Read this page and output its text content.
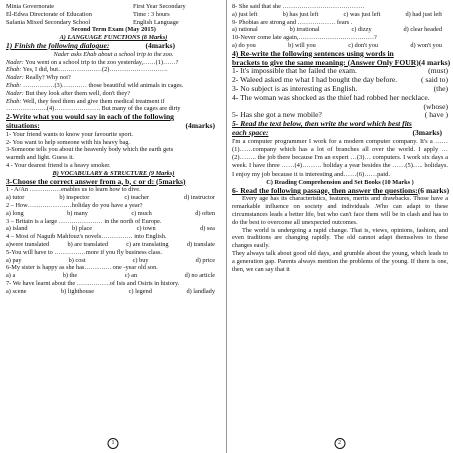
Minia Governorate	First Year Secondary
El-Edwa Directorate of Education	Time : 3 hours
Safania Mixed Secondary School	English Language
Second Term Exam (May 2015)
A) LANGUAGE FUNCTIONS (8 Marks)
1) Finish the following dialogue:	(4marks)
Nader asks Ehab about a school trip to the zoo.
Nader: You went on a school trip to the zoo yesterday,……(1)……?
Ehab: Yes, I did, but…………………(2)……………………….
Nader: Really? Why not?
Ehab: ……………(3)………… those beautiful wild animals in cages.
Nader: But they look after them well, don't they?
Ehab: Well, they feed them and give them medical treatment if
………………..(4)…………………. But many of the cages are dirty
2-Write what you would say in each of the following
situations:	(4marks)
1- Your friend wants to know your favourite sport.
2- You want to help someone with his heavy bag.
3-Someone tells you about the heavenly body which the earth gets
warmth and light. Guess it.
4 - Your dearest friend is a heavy smoker.
B) VOCABULARY & STRUCTURE (9 Marks)
3-Choose the correct answer from a, b, c or d: (5marks)
1 - A/An ……………enables us to learn how to dive.
a) tutor	b) inspector	c) teacher	d) instructor
2 – How…………………holiday do you have a year?
a) long	b) many	c) much	d) often
3 – Britain is a large ………………… in the north of Europe.
a) island	b) place	c) town	d) sea
4 – Most of Naguib Mahfouz's novels…………… into English.
a)were translated	b) are translated	c) are translating	d) translate
5-You will have to ……………more if you fly business class.
a) pay	b) cost	c) buy	d) price
6-My sister is happy as she has…………. one -year old son.
a) a	b) the	c) an	d) no article
7- We have learnt about the …………….of Isis and Osiris in history.
a) scene	b) lighthouse	c) legend	d) landlady
1
8- She said that she …………………………………
a) just left	b) has just left	c) was just left	d) had just left
9- Phobias are strong and ……………… fears .
a) rational	b) irrational	c) dizzy	d) clear headed
10-Never come late again,………………………………?
a) do you	b) will you	c) don't you	d) won't you
4) Re-write the following sentences using words in
brackets to give the same meaning: (Answer Only FOUR) (4 marks)
1- It's impossible that he failed the exam.	(must)
2- Waleed asked me what I had bought the day before.	( said to)
3- No subject is as interesting as English.	(the)
4- The woman was shocked as the thief had robbed her necklace.
(whose)
5- Has she got a new mobile?	( have )
5- Read the text below, then write the word which best fits
each space:	(3marks)
I'm a computer programmer I work for a modern computer company. It's a ……(1)……company which has a lot of branches all over the world. I apply …(2)…….. the job there because I'm an expert …(3)… computers. I work six days a week. I have three ……(4)……… holiday a year besides the ……(5)….. holidays. I enjoy my job because it is interesting and……(6)……paid.
C) Reading Comprehension and Set Books (10 Marks )
6- Read the following passage, then answer the questions: (6 marks)
Every age has its characteristics, features, merits and drawbacks. Those have a remarkable influence on society and individuals .Who can adapt to these circumstances leads a better life, but who can't face them will be in clash and has to do the best to overcome all unexpected outcomes.
The world is undergoing a rapid change. That is, views, opinions, fashion, and even traditions are changing rapidly. The old cannot adapt themselves to these changes easily.
They always talk about good old days, and grumble about the young, which leads to a generation gap. Parents always mention the problems of the young. If there is one, then, we can say that it
2
